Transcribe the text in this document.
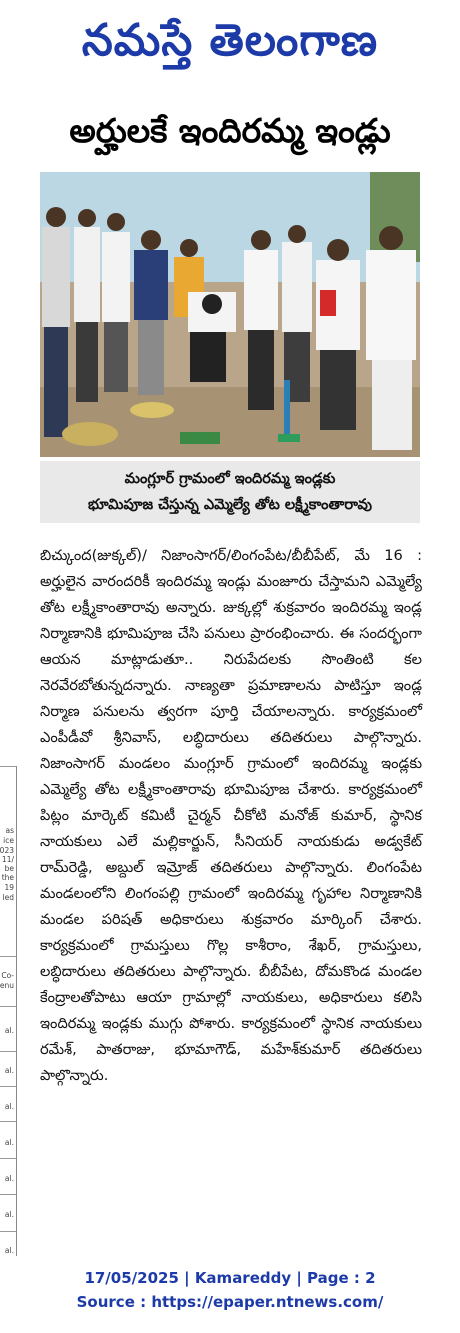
నమస్తే తెలంగాణ
అర్హులకే ఇందిరమ్మ ఇండ్లు
మంగ్లూర్ గ్రామంలో ఇందిరమ్మ ఇండ్లకు
భూమిపూజ చేస్తున్న ఎమ్మెల్యే తోట లక్ష్మీకాంతారావు

బిచ్కుంద(జుక్కల్)/ నిజాంసాగర్/లింగంపేట/బీబీపేట్, మే 16 : అర్హులైన వారందరికీ ఇందిరమ్మ ఇండ్లు మంజూరు చేస్తామని ఎమ్మెల్యే తోట లక్ష్మీకాంతారావు అన్నారు. జుక్కల్లో శుక్రవారం ఇందిరమ్మ ఇండ్ల నిర్మాణానికి భూమిపూజ చేసి పనులు ప్రారంభించారు. ఈ సందర్భంగా ఆయన మాట్లాడుతూ.. నిరుపేదలకు సొంతింటి కల నెరవేరబోతున్నదన్నారు. నాణ్యతా ప్రమాణాలను పాటిస్తూ ఇండ్ల నిర్మాణ పనులను త్వరగా పూర్తి చేయాలన్నారు. కార్యక్రమంలో ఎంపీడీవో శ్రీనివాస్, లబ్ధిదారులు తదితరులు పాల్గొన్నారు. నిజాంసాగర్ మండలం మంగ్లూర్ గ్రామంలో ఇందిరమ్మ ఇండ్లకు ఎమ్మెల్యే తోట లక్ష్మీకాంతారావు భూమిపూజ చేశారు. కార్యక్రమంలో పిట్లం మార్కెట్ కమిటీ చైర్మన్ చీకోటి మనోజ్ కుమార్, స్థానిక నాయకులు ఎలే మల్లికార్జున్, సీనియర్ నాయకుడు అడ్వకేట్ రామ్‌రెడ్డి, అబ్దుల్ ఇమ్రోజ్ తదితరులు పాల్గొన్నారు. లింగంపేట మండలంలోని లింగంపల్లి గ్రామంలో ఇందిరమ్మ గృహాల నిర్మాణానికి మండల పరిషత్ అధికారులు శుక్రవారం మార్కింగ్ చేశారు. కార్యక్రమంలో గ్రామస్తులు గొల్ల కాశీరాం, శేఖర్, గ్రామస్తులు, లబ్ధిదారులు తదితరులు పాల్గొన్నారు. బీబీపేట, దోమకొండ మండల కేంద్రాలతోపాటు ఆయా గ్రామాల్లో నాయకులు, అధికారులు కలిసి ఇందిరమ్మ ఇండ్లకు ముగ్గు పోశారు. కార్యక్రమంలో స్థానిక నాయకులు రమేశ్, పాతరాజు, భూమాగౌడ్, మహేశ్‌కుమార్ తదితరులు పాల్గొన్నారు.

as
ice
023
11/
be
the
19
led
Co-
enu
al.
al.
al.
al.
al.
al.
al.
17/05/2025 | Kamareddy | Page : 2
Source : https://epaper.ntnews.com/
